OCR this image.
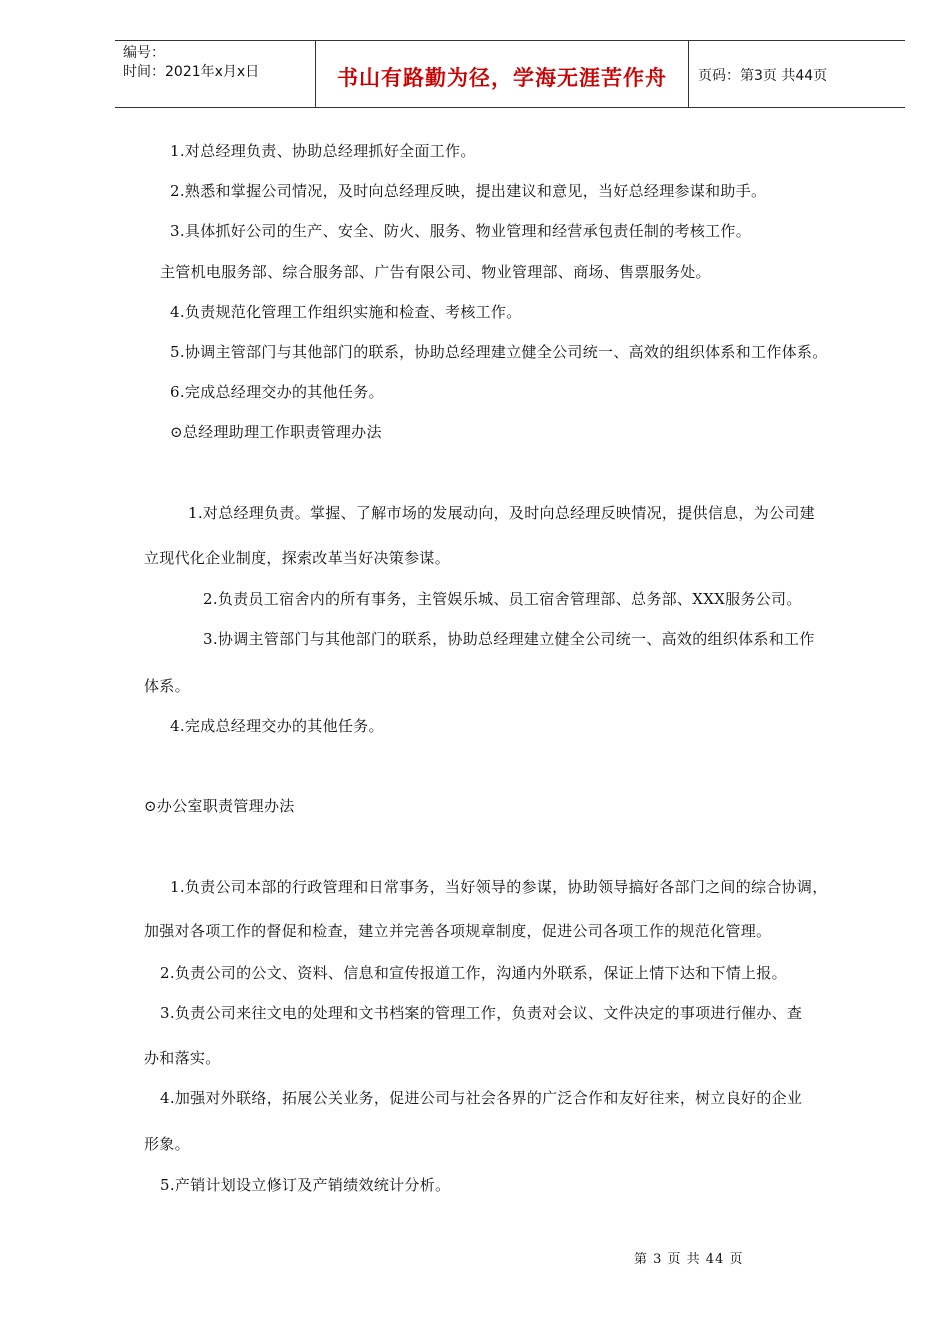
编号：
时间：2021年x月x日	书山有路勤为径，学海无涯苦作舟	页码：第3页 共44页
1.对总经理负责、协助总经理抓好全面工作。
2.熟悉和掌握公司情况，及时向总经理反映，提出建议和意见，当好总经理参谋和助手。
3.具体抓好公司的生产、安全、防火、服务、物业管理和经营承包责任制的考核工作。
主管机电服务部、综合服务部、广告有限公司、物业管理部、商场、售票服务处。
4.负责规范化管理工作组织实施和检查、考核工作。
5.协调主管部门与其他部门的联系，协助总经理建立健全公司统一、高效的组织体系和工作体系。
6.完成总经理交办的其他任务。
⊙总经理助理工作职责管理办法
1.对总经理负责。掌握、了解市场的发展动向，及时向总经理反映情况，提供信息，为公司建
立现代化企业制度，探索改革当好决策参谋。
2.负责员工宿舍内的所有事务，主管娱乐城、员工宿舍管理部、总务部、XXX服务公司。
3.协调主管部门与其他部门的联系，协助总经理建立健全公司统一、高效的组织体系和工作
体系。
4.完成总经理交办的其他任务。
⊙办公室职责管理办法
1.负责公司本部的行政管理和日常事务，当好领导的参谋，协助领导搞好各部门之间的综合协调，
加强对各项工作的督促和检查，建立并完善各项规章制度，促进公司各项工作的规范化管理。
2.负责公司的公文、资料、信息和宣传报道工作，沟通内外联系，保证上情下达和下情上报。
3.负责公司来往文电的处理和文书档案的管理工作，负责对会议、文件决定的事项进行催办、查
办和落实。
4.加强对外联络，拓展公关业务，促进公司与社会各界的广泛合作和友好往来，树立良好的企业
形象。
5.产销计划设立修订及产销绩效统计分析。
第 3 页 共 44 页
